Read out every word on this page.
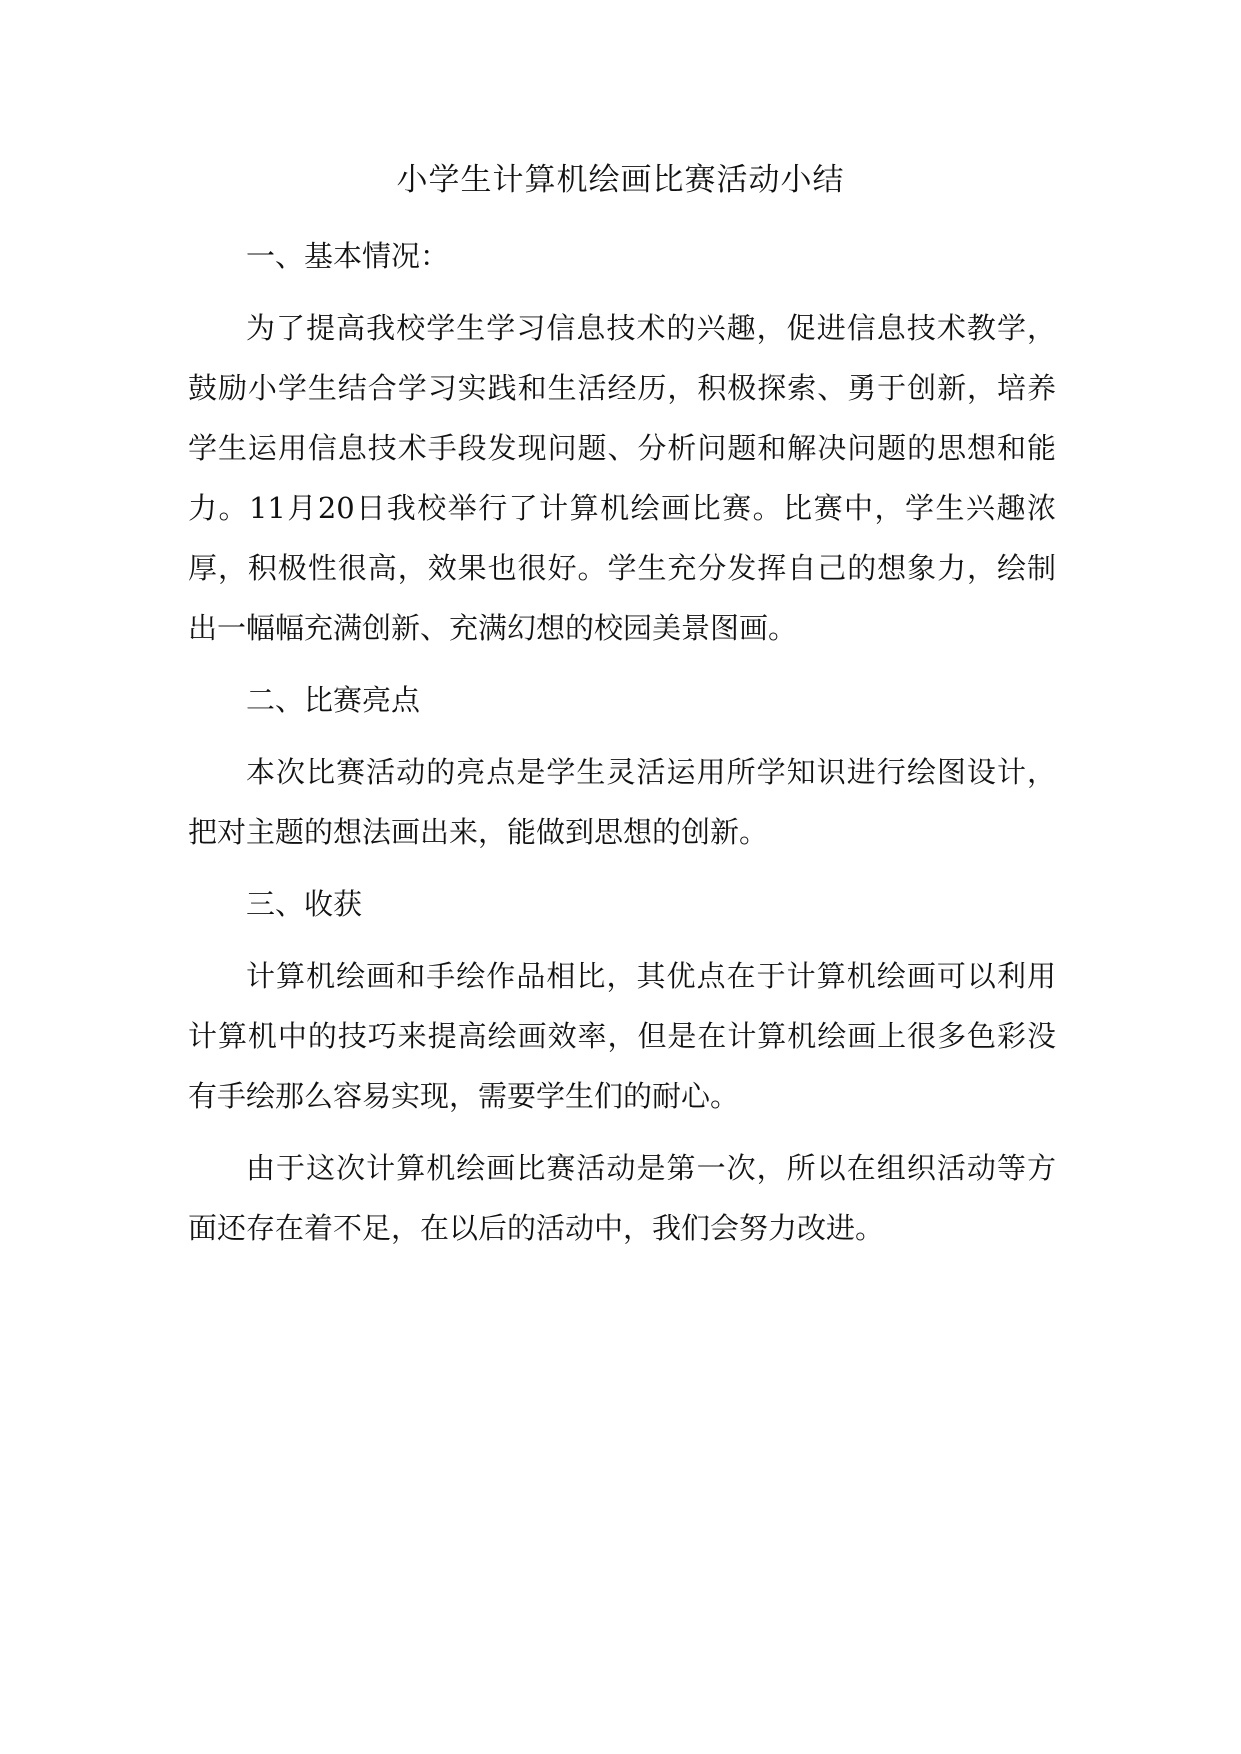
小学生计算机绘画比赛活动小结

一、基本情况：

为了提高我校学生学习信息技术的兴趣，促进信息技术教学，鼓励小学生结合学习实践和生活经历，积极探索、勇于创新，培养学生运用信息技术手段发现问题、分析问题和解决问题的思想和能力。11月20日我校举行了计算机绘画比赛。比赛中，学生兴趣浓厚，积极性很高，效果也很好。学生充分发挥自己的想象力，绘制出一幅幅充满创新、充满幻想的校园美景图画。

二、比赛亮点

本次比赛活动的亮点是学生灵活运用所学知识进行绘图设计，把对主题的想法画出来，能做到思想的创新。

三、收获

计算机绘画和手绘作品相比，其优点在于计算机绘画可以利用计算机中的技巧来提高绘画效率，但是在计算机绘画上很多色彩没有手绘那么容易实现，需要学生们的耐心。

由于这次计算机绘画比赛活动是第一次，所以在组织活动等方面还存在着不足，在以后的活动中，我们会努力改进。
